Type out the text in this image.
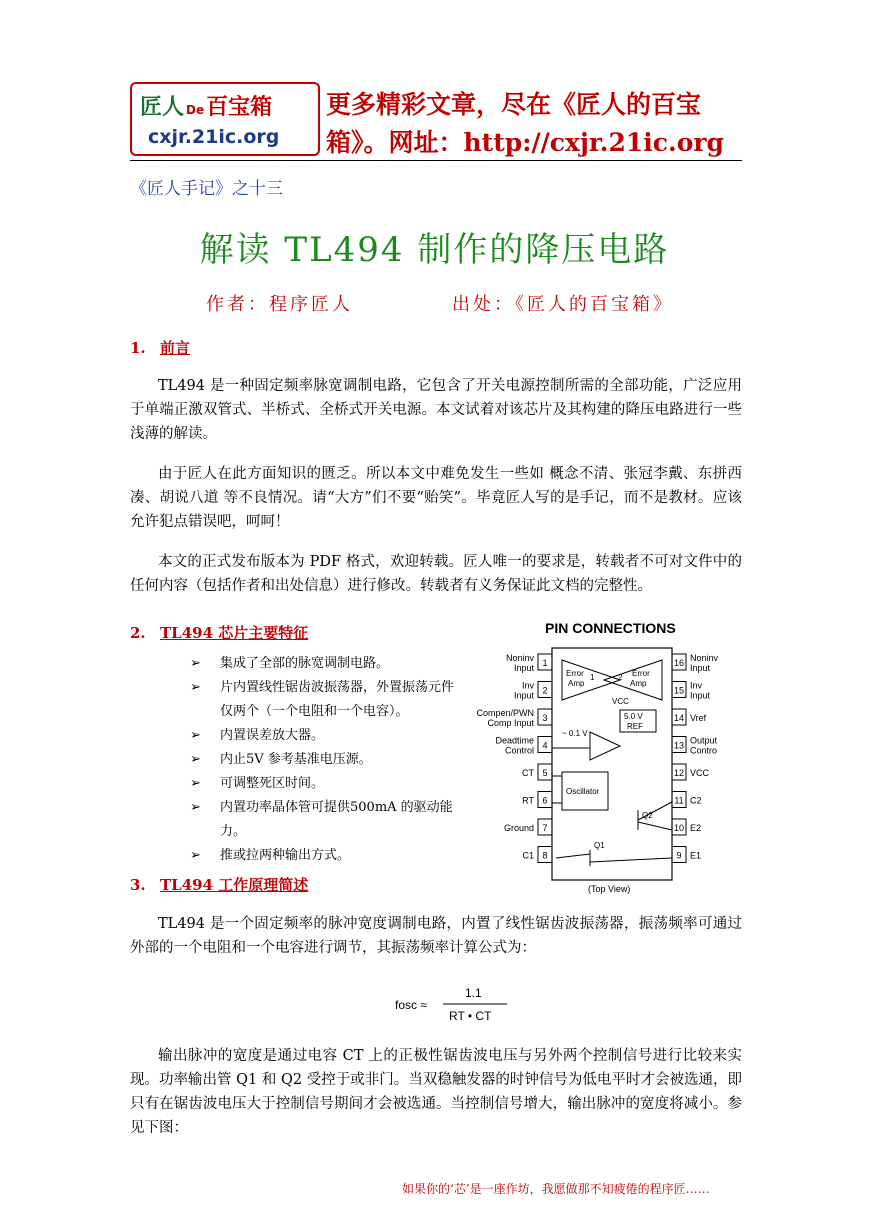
匠人 De百宝箱
cxjr.21ic.org
更多精彩文章，尽在《匠人的百宝箱》。网址：http://cxjr.21ic.org
《匠人手记》之十三
解读 TL494 制作的降压电路
作者：程序匠人	出处：《匠人的百宝箱》
1. 前言
TL494 是一种固定频率脉宽调制电路，它包含了开关电源控制所需的全部功能，广泛应用于单端正激双管式、半桥式、全桥式开关电源。本文试着对该芯片及其构建的降压电路进行一些浅薄的解读。
由于匠人在此方面知识的匮乏。所以本文中难免发生一些如 概念不清、张冠李戴、东拼西凑、胡说八道 等不良情况。请“大方”们不要“贻笑”。毕竟匠人写的是手记，而不是教材。应该允许犯点错误吧，呵呵！
本文的正式发布版本为 PDF 格式，欢迎转载。匠人唯一的要求是，转载者不可对文件中的任何内容（包括作者和出处信息）进行修改。转载者有义务保证此文档的完整性。
2. TL494 芯片主要特征
➢ 集成了全部的脉宽调制电路。
➢ 片内置线性锯齿波振荡器，外置振荡元件仅两个（一个电阻和一个电容）。
➢ 内置误差放大器。
➢ 内止5V 参考基准电压源。
➢ 可调整死区时间。
➢ 内置功率晶体管可提供500mA 的驱动能力。
➢ 推或拉两种输出方式。
PIN CONNECTIONS
1
Noninv
Input
2
Inv
Input
3
Compen/PWN
Comp Input
4
Deadtime
Control
5
CT
6
RT
7
Ground
8
C1
16 Noninv
Input
15 Inv
Input
14 Vref
13 Output
Contro
12 VCC
11 C2
10 E2
9 E1
Error
Amp
Error
Amp
1	2
VCC
5.0 V
REF
~ 0.1 V
Oscillator
Q2
Q1
(Top View)
3. TL494 工作原理简述
TL494 是一个固定频率的脉冲宽度调制电路，内置了线性锯齿波振荡器，振荡频率可通过外部的一个电阻和一个电容进行调节，其振荡频率计算公式为：
fosc ≈
1.1
RT • CT
输出脉冲的宽度是通过电容 CT 上的正极性锯齿波电压与另外两个控制信号进行比较来实现。功率输出管 Q1 和 Q2 受控于或非门。当双稳触发器的时钟信号为低电平时才会被选通，即只有在锯齿波电压大于控制信号期间才会被选通。当控制信号增大，输出脉冲的宽度将减小。参见下图：
如果你的‘芯’是一座作坊，我愿做那不知疲倦的程序匠……
